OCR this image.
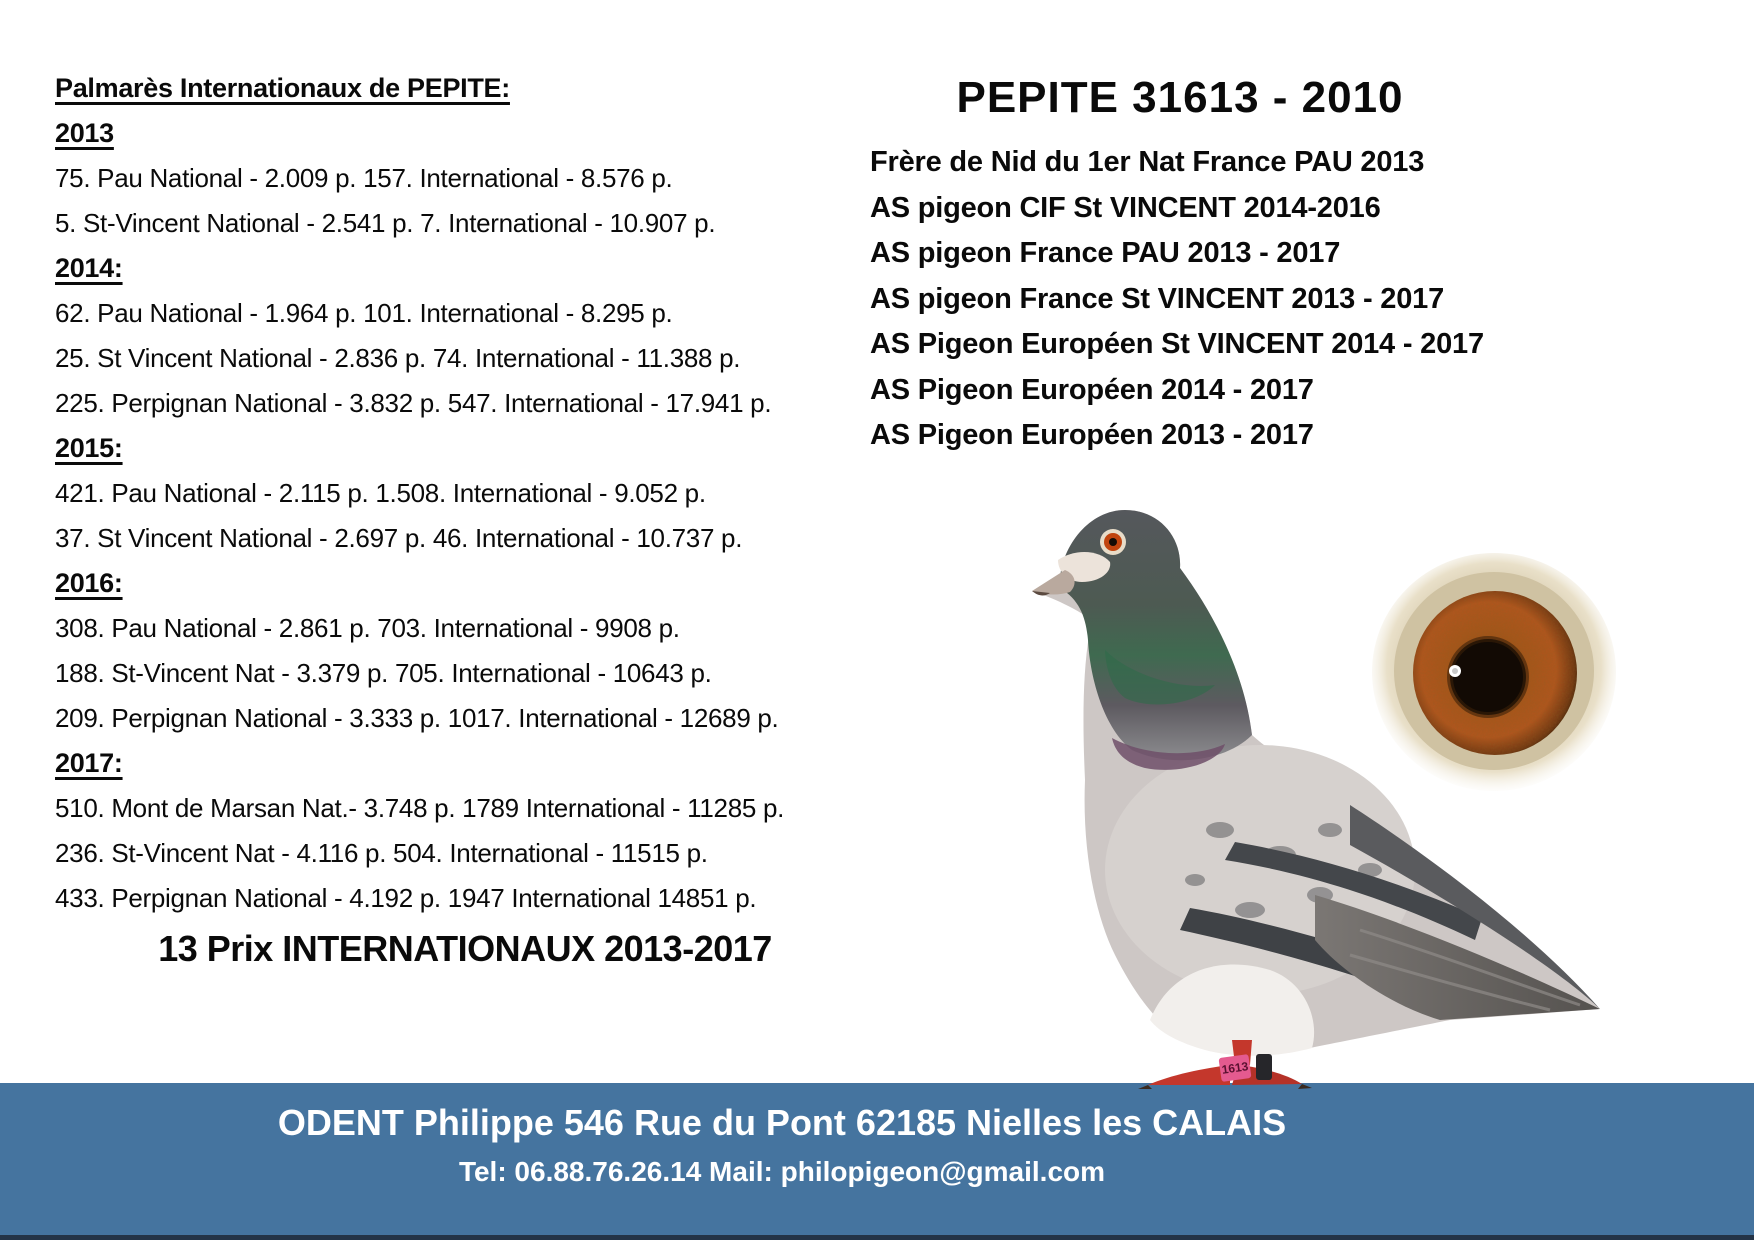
Palmarès Internationaux de PEPITE:
2013
75. Pau National - 2.009 p. 157. International - 8.576 p.
5. St-Vincent National - 2.541 p. 7. International - 10.907 p.
2014:
62. Pau National - 1.964 p. 101. International - 8.295 p.
25. St Vincent National - 2.836 p. 74. International - 11.388 p.
225. Perpignan National - 3.832 p. 547. International - 17.941 p.
2015:
421. Pau National - 2.115 p. 1.508. International - 9.052 p.
37. St Vincent National - 2.697 p. 46. International - 10.737 p.
2016:
308. Pau National - 2.861 p. 703. International - 9908 p.
188. St-Vincent Nat - 3.379 p. 705. International - 10643 p.
209. Perpignan National - 3.333 p. 1017. International - 12689 p.
2017:
510. Mont de Marsan Nat.- 3.748 p. 1789 International - 11285 p.
236. St-Vincent Nat - 4.116 p. 504. International - 11515 p.
433. Perpignan National - 4.192 p. 1947 International 14851 p.
13 Prix INTERNATIONAUX 2013-2017
PEPITE 31613 - 2010
Frère de Nid du 1er Nat France PAU 2013
AS pigeon CIF St VINCENT 2014-2016
AS pigeon France PAU 2013 - 2017
AS pigeon France St VINCENT 2013 - 2017
AS Pigeon Européen St VINCENT 2014 - 2017
AS Pigeon Européen 2014 - 2017
AS Pigeon Européen 2013 - 2017
1613
ODENT Philippe 546 Rue du Pont 62185 Nielles les CALAIS
Tel: 06.88.76.26.14 Mail: philopigeon@gmail.com
